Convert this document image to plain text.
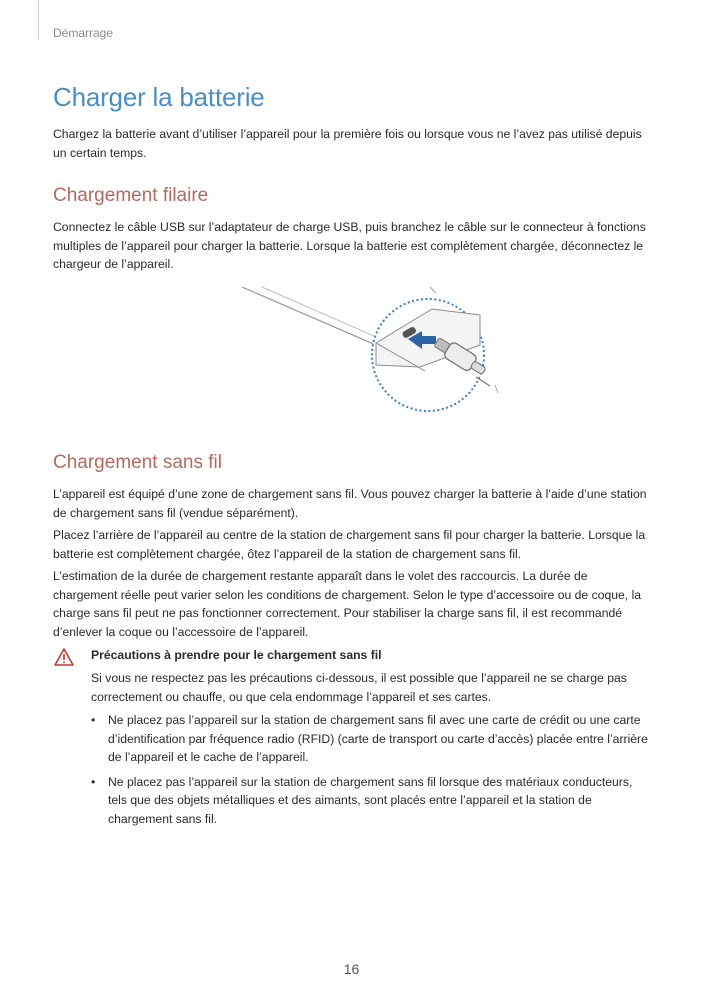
Démarrage
Charger la batterie

Chargez la batterie avant d’utiliser l’appareil pour la première fois ou lorsque vous ne l’avez pas utilisé depuis un certain temps.

Chargement filaire

Connectez le câble USB sur l’adaptateur de charge USB, puis branchez le câble sur le connecteur à fonctions multiples de l’appareil pour charger la batterie. Lorsque la batterie est complètement chargée, déconnectez le chargeur de l’appareil.

Chargement sans fil

L’appareil est équipé d’une zone de chargement sans fil. Vous pouvez charger la batterie à l’aide d’une station de chargement sans fil (vendue séparément).

Placez l’arrière de l’appareil au centre de la station de chargement sans fil pour charger la batterie. Lorsque la batterie est complètement chargée, ôtez l’appareil de la station de chargement sans fil.

L’estimation de la durée de chargement restante apparaît dans le volet des raccourcis. La durée de chargement réelle peut varier selon les conditions de chargement. Selon le type d’accessoire ou de coque, la charge sans fil peut ne pas fonctionner correctement. Pour stabiliser la charge sans fil, il est recommandé d’enlever la coque ou l’accessoire de l’appareil.

Précautions à prendre pour le chargement sans fil

Si vous ne respectez pas les précautions ci-dessous, il est possible que l’appareil ne se charge pas correctement ou chauffe, ou que cela endommage l’appareil et ses cartes.

• Ne placez pas l’appareil sur la station de chargement sans fil avec une carte de crédit ou une carte d’identification par fréquence radio (RFID) (carte de transport ou carte d’accès) placée entre l’arrière de l’appareil et le cache de l’appareil.
• Ne placez pas l’appareil sur la station de chargement sans fil lorsque des matériaux conducteurs, tels que des objets métalliques et des aimants, sont placés entre l’appareil et la station de chargement sans fil.
16
